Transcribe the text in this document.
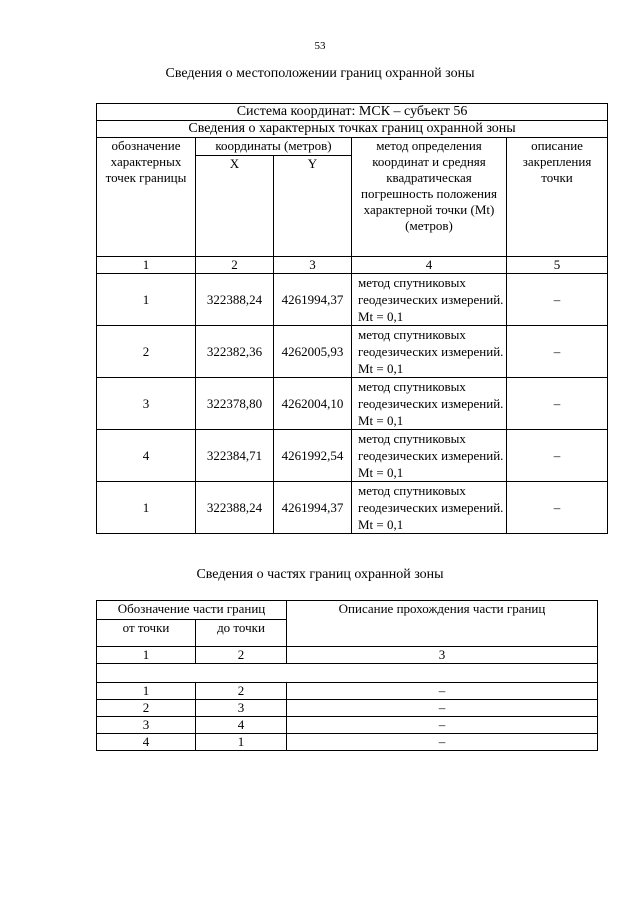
53
Сведения о местоположении границ охранной зоны
Система координат: МСК – субъект 56				
Сведения о характерных точках границ охранной зоны				
обозначение характерных точек границы	координаты (метров)		метод определения координат и средняя квадратическая погрешность положения характерной точки (Mt) (метров)	описание закрепления точки
	X	Y		
1	2	3	4	5
1	322388,24	4261994,37	метод спутниковых геодезических измерений. Mt = 0,1	–
2	322382,36	4262005,93	метод спутниковых геодезических измерений. Mt = 0,1	–
3	322378,80	4262004,10	метод спутниковых геодезических измерений. Mt = 0,1	–
4	322384,71	4261992,54	метод спутниковых геодезических измерений. Mt = 0,1	–
1	322388,24	4261994,37	метод спутниковых геодезических измерений. Mt = 0,1	–
Сведения о частях границ охранной зоны
Обозначение части границ		Описание прохождения части границ
от точки	до точки	
1	2	3

1	2	–
2	3	–
3	4	–
4	1	–
